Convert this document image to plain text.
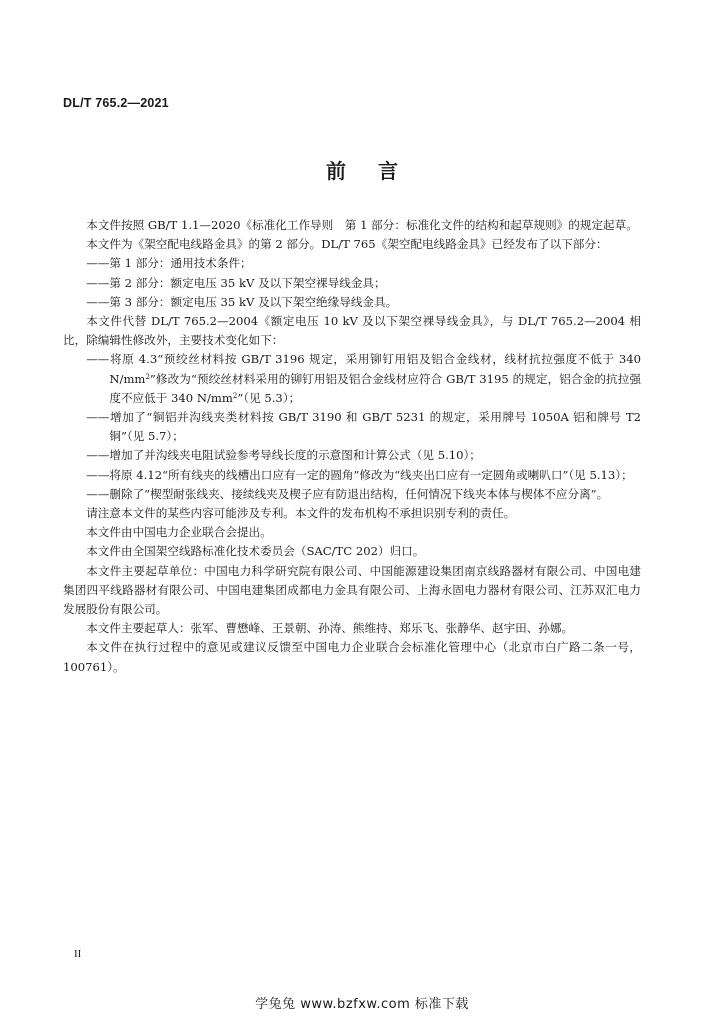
DL/T 765.2—2021
前言

本文件按照 GB/T 1.1—2020《标准化工作导则　第 1 部分：标准化文件的结构和起草规则》的规定起草。

本文件为《架空配电线路金具》的第 2 部分。DL/T 765《架空配电线路金具》已经发布了以下部分：

——第 1 部分：通用技术条件；

——第 2 部分：额定电压 35 kV 及以下架空裸导线金具；

——第 3 部分：额定电压 35 kV 及以下架空绝缘导线金具。

本文件代替 DL/T 765.2—2004《额定电压 10 kV 及以下架空裸导线金具》，与 DL/T 765.2—2004 相比，除编辑性修改外，主要技术变化如下：

——将原 4.3“预绞丝材料按 GB/T 3196 规定，采用铆钉用铝及铝合金线材，线材抗拉强度不低于 340 $N/mm^2$”修改为“预绞丝材料采用的铆钉用铝及铝合金线材应符合 GB/T 3195 的规定，铝合金的抗拉强度不应低于 340 $N/mm^2$”（见 5.3）；

——增加了“铜铝并沟线夹类材料按 GB/T 3190 和 GB/T 5231 的规定，采用牌号 1050A 铝和牌号 T2 铜”（见 5.7）；

——增加了并沟线夹电阻试验参考导线长度的示意图和计算公式（见 5.10）；

——将原 4.12“所有线夹的线槽出口应有一定的圆角”修改为“线夹出口应有一定圆角或喇叭口”（见 5.13）；

——删除了“楔型耐张线夹、接续线夹及楔子应有防退出结构，任何情况下线夹本体与楔体不应分离”。

请注意本文件的某些内容可能涉及专利。本文件的发布机构不承担识别专利的责任。

本文件由中国电力企业联合会提出。

本文件由全国架空线路标准化技术委员会（SAC/TC 202）归口。

本文件主要起草单位：中国电力科学研究院有限公司、中国能源建设集团南京线路器材有限公司、中国电建集团四平线路器材有限公司、中国电建集团成都电力金具有限公司、上海永固电力器材有限公司、江苏双汇电力发展股份有限公司。

本文件主要起草人：张军、曹懋峰、王景朝、孙涛、熊维持、郑乐飞、张静华、赵宇田、孙娜。

本文件在执行过程中的意见或建议反馈至中国电力企业联合会标准化管理中心（北京市白广路二条一号，100761）。

II
学兔兔 www.bzfxw.com 标准下载
